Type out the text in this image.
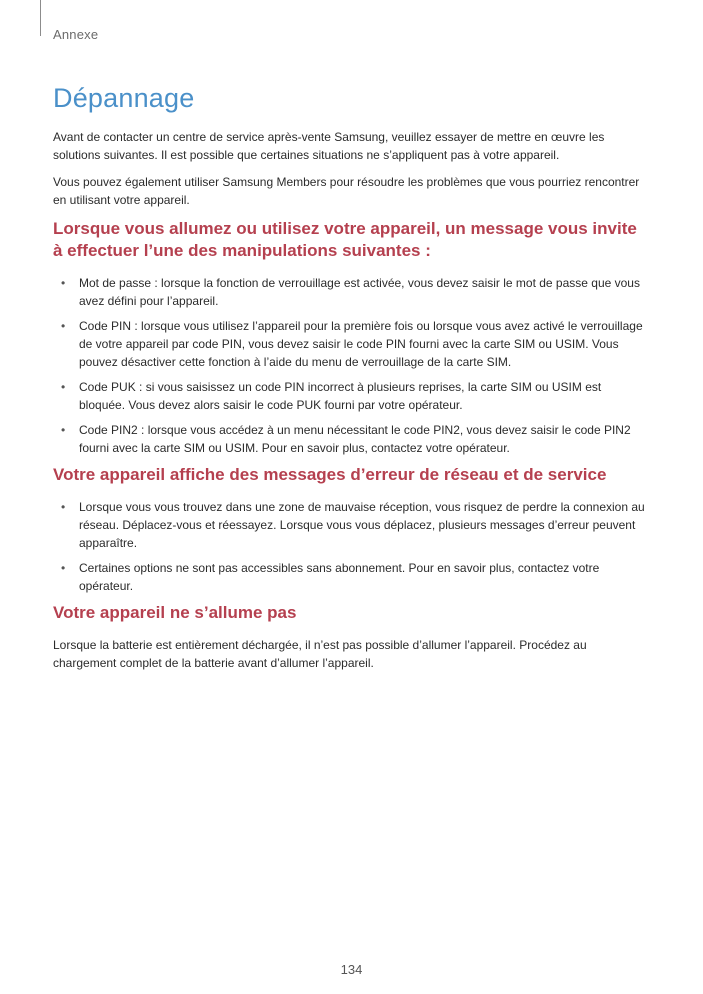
Annexe
Dépannage

Avant de contacter un centre de service après-vente Samsung, veuillez essayer de mettre en œuvre les solutions suivantes. Il est possible que certaines situations ne s’appliquent pas à votre appareil.

Vous pouvez également utiliser Samsung Members pour résoudre les problèmes que vous pourriez rencontrer en utilisant votre appareil.

Lorsque vous allumez ou utilisez votre appareil, un message vous invite à effectuer l’une des manipulations suivantes :
• Mot de passe : lorsque la fonction de verrouillage est activée, vous devez saisir le mot de passe que vous avez défini pour l’appareil.
• Code PIN : lorsque vous utilisez l’appareil pour la première fois ou lorsque vous avez activé le verrouillage de votre appareil par code PIN, vous devez saisir le code PIN fourni avec la carte SIM ou USIM. Vous pouvez désactiver cette fonction à l’aide du menu de verrouillage de la carte SIM.
• Code PUK : si vous saisissez un code PIN incorrect à plusieurs reprises, la carte SIM ou USIM est bloquée. Vous devez alors saisir le code PUK fourni par votre opérateur.
• Code PIN2 : lorsque vous accédez à un menu nécessitant le code PIN2, vous devez saisir le code PIN2 fourni avec la carte SIM ou USIM. Pour en savoir plus, contactez votre opérateur.
Votre appareil affiche des messages d’erreur de réseau et de service
• Lorsque vous vous trouvez dans une zone de mauvaise réception, vous risquez de perdre la connexion au réseau. Déplacez-vous et réessayez. Lorsque vous vous déplacez, plusieurs messages d’erreur peuvent apparaître.
• Certaines options ne sont pas accessibles sans abonnement. Pour en savoir plus, contactez votre opérateur.
Votre appareil ne s’allume pas

Lorsque la batterie est entièrement déchargée, il n’est pas possible d’allumer l’appareil. Procédez au chargement complet de la batterie avant d’allumer l’appareil.

134
